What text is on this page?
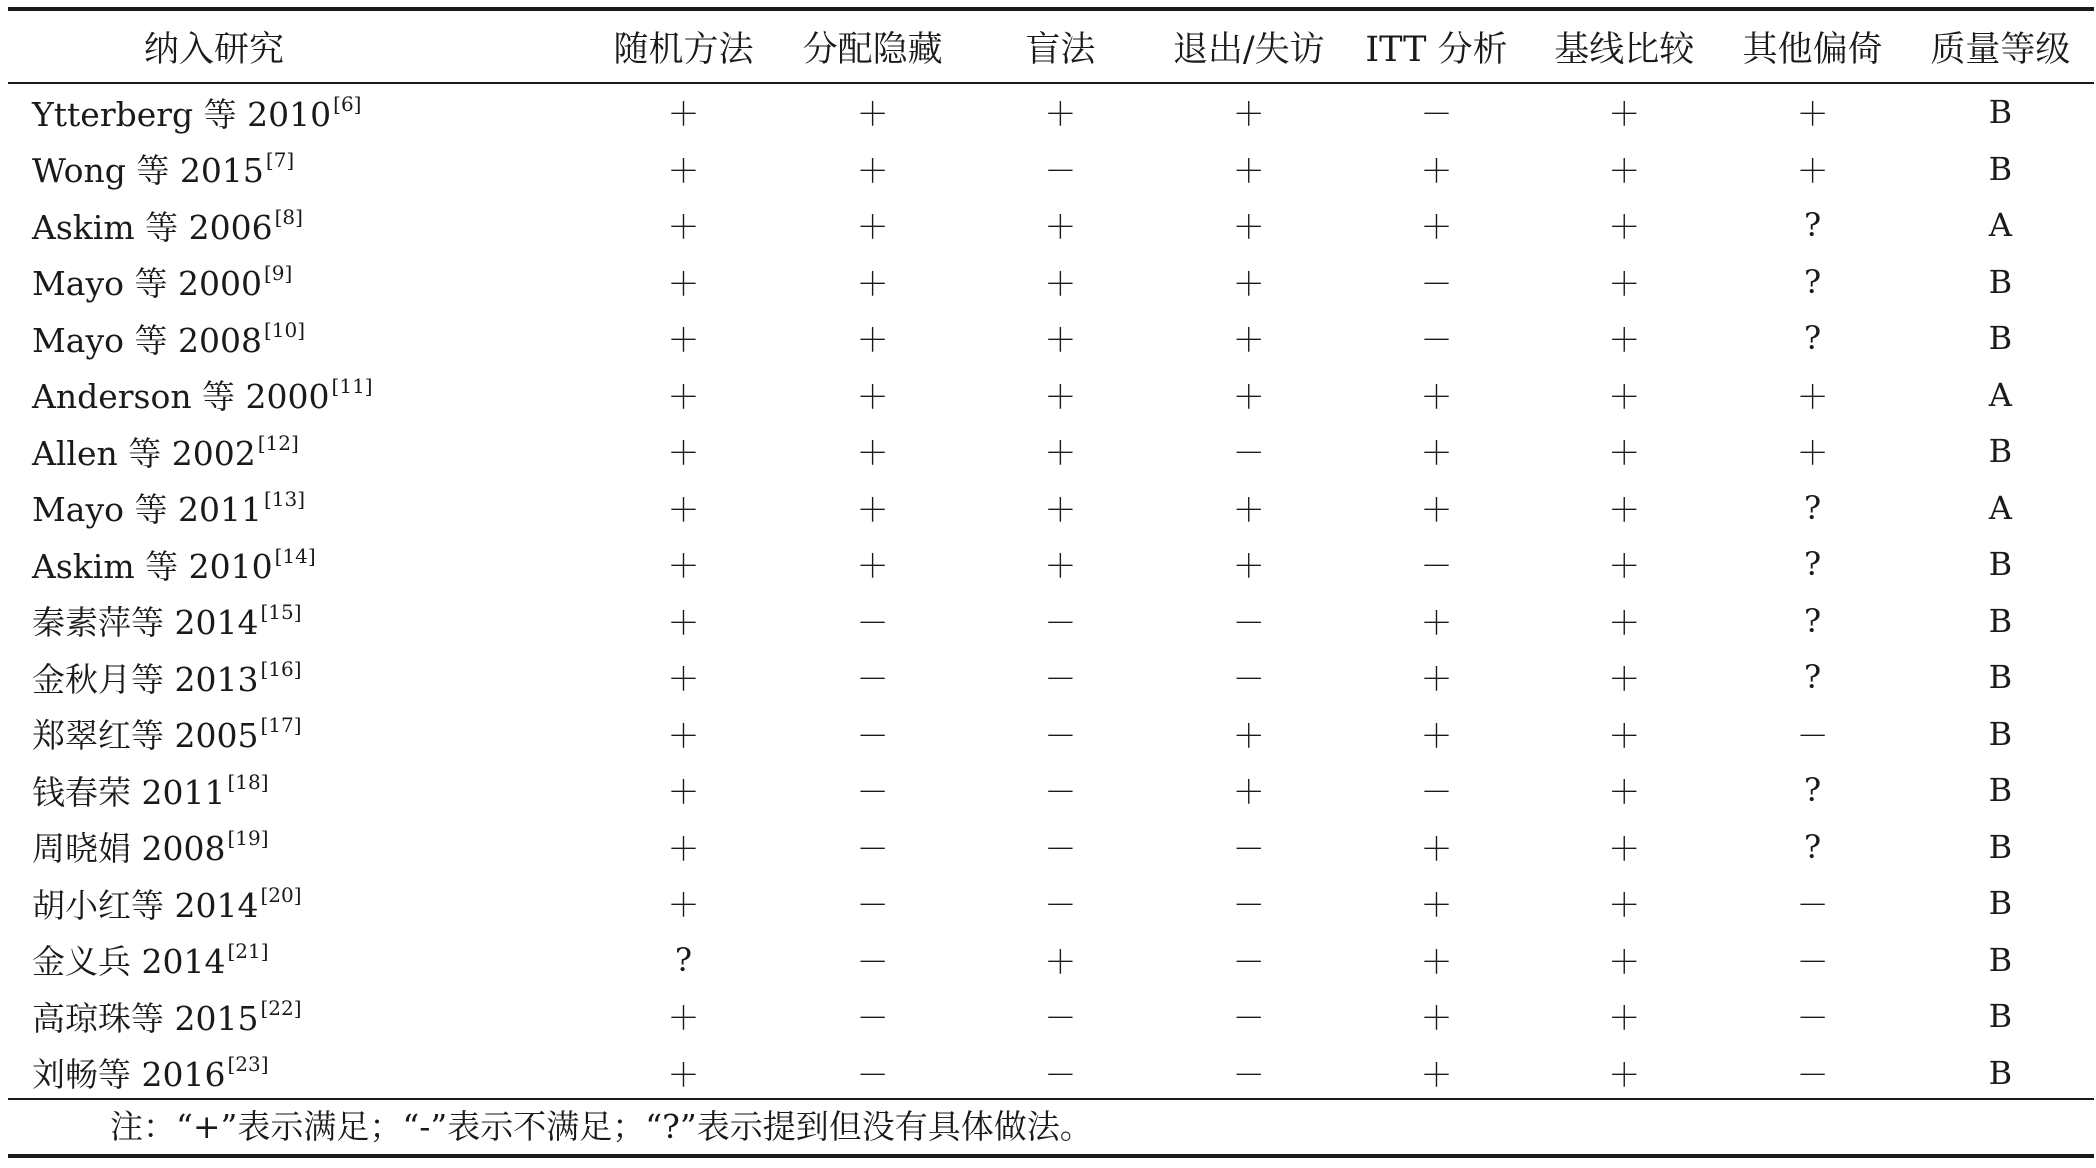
纳入研究	随机方法	分配隐藏	盲法	退出/失访	ITT 分析	基线比较	其他偏倚	质量等级
Ytterberg 等 2010 [6]	＋	＋	＋	＋	－	＋	＋	B
Wong 等 2015 [7]	＋	＋	－	＋	＋	＋	＋	B
Askim 等 2006 [8]	＋	＋	＋	＋	＋	＋	?	A
Mayo 等 2000 [9]	＋	＋	＋	＋	－	＋	?	B
Mayo 等 2008 [10]	＋	＋	＋	＋	－	＋	?	B
Anderson 等 2000 [11]	＋	＋	＋	＋	＋	＋	＋	A
Allen 等 2002 [12]	＋	＋	＋	－	＋	＋	＋	B
Mayo 等 2011 [13]	＋	＋	＋	＋	＋	＋	?	A
Askim 等 2010 [14]	＋	＋	＋	＋	－	＋	?	B
秦素萍等 2014 [15]	＋	－	－	－	＋	＋	?	B
金秋月等 2013 [16]	＋	－	－	－	＋	＋	?	B
郑翠红等 2005 [17]	＋	－	－	＋	＋	＋	－	B
钱春荣 2011 [18]	＋	－	－	＋	－	＋	?	B
周晓娟 2008 [19]	＋	－	－	－	＋	＋	?	B
胡小红等 2014 [20]	＋	－	－	－	＋	＋	－	B
金义兵 2014 [21]	?	－	＋	－	＋	＋	－	B
高琼珠等 2015 [22]	＋	－	－	－	＋	＋	－	B
刘畅等 2016 [23]	＋	－	－	－	＋	＋	－	B
注：“+”表示满足；“-”表示不满足；“?”表示提到但没有具体做法。
